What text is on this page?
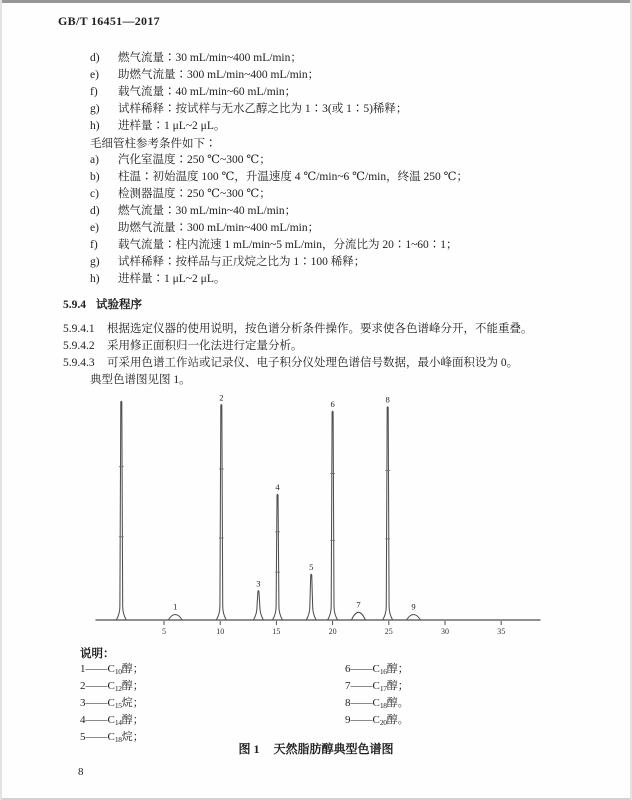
GB/T 16451—2017
d) 燃气流量∶30 mL/min~400 mL/min；
e) 助燃气流量∶300 mL/min~400 mL/min；
f) 载气流量∶40 mL/min~60 mL/min；
g) 试样稀释∶按试样与无水乙醇之比为 1∶3(或 1∶5)稀释；
h) 进样量∶1 μL~2 μL。
毛细管柱参考条件如下∶
a) 汽化室温度∶250 ℃~300 ℃；
b) 柱温∶初始温度 100 ℃，升温速度 4 ℃/min~6 ℃/min，终温 250 ℃；
c) 检测器温度∶250 ℃~300 ℃；
d) 燃气流量∶30 mL/min~40 mL/min；
e) 助燃气流量∶300 mL/min~400 mL/min；
f) 载气流量∶柱内流速 1 mL/min~5 mL/min，分流比为 20∶1~60∶1；
g) 试样稀释∶按样品与正戊烷之比为 1∶100 稀释；
h) 进样量∶1 μL~2 μL。
5.9.4 试验程序
5.9.4.1 根据选定仪器的使用说明，按色谱分析条件操作。要求使各色谱峰分开，不能重叠。
5.9.4.2 采用修正面积归一化法进行定量分析。
5.9.4.3 可采用色谱工作站或记录仪、电子积分仪处理色谱信号数据，最小峰面积设为 0。
典型色谱图见图 1。
5	10	15	20	25	30	35
1
2
3
4
5
6
7
8
9
说明：
$1——C_{10}$醇；
$2——C_{12}$醇；
$3——C_{15}$烷；
$4——C_{14}$醇；
$5——C_{18}$烷；
$6——C_{16}$醇；
$7——C_{17}$醇；
$8——C_{18}$醇。
$9——C_{20}$醇。
图 1 天然脂肪醇典型色谱图
8
